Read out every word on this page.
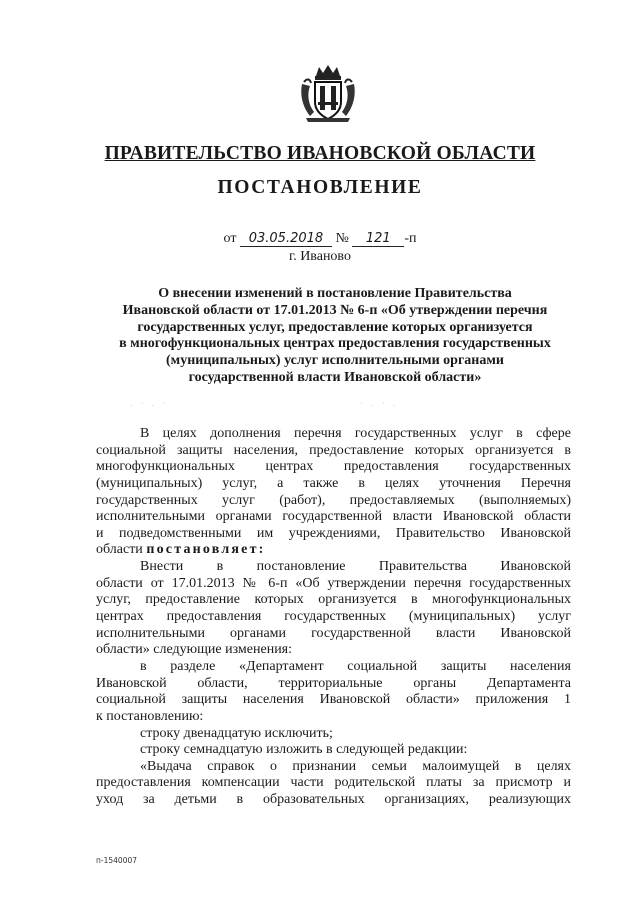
ПРАВИТЕЛЬСТВО ИВАНОВСКОЙ ОБЛАСТИ
ПОСТАНОВЛЕНИЕ
от 03.05.2018 № 121 -п
г. Иваново
О внесении изменений в постановление Правительства
Ивановской области от 17.01.2013 № 6-п «Об утверждении перечня
государственных услуг, предоставление которых организуется
в многофункциональных центрах предоставления государственных
(муниципальных) услуг исполнительными органами
государственной власти Ивановской области»
. · . ·	· . · .

В целях дополнения перечня государственных услуг в сфере
социальной защиты населения, предоставление которых организуется в
многофункциональных центрах предоставления государственных
(муниципальных) услуг, а также в целях уточнения Перечня
государственных услуг (работ), предоставляемых (выполняемых)
исполнительными органами государственной власти Ивановской области
и подведомственными им учреждениями, Правительство Ивановской
области постановляет:

Внести в постановление Правительства Ивановской
области от 17.01.2013 № 6-п «Об утверждении перечня государственных
услуг, предоставление которых организуется в многофункциональных
центрах предоставления государственных (муниципальных) услуг
исполнительными органами государственной власти Ивановской
области» следующие изменения:

в разделе «Департамент социальной защиты населения
Ивановской области, территориальные органы Департамента
социальной защиты населения Ивановской области» приложения 1
к постановлению:

строку двенадцатую исключить;

строку семнадцатую изложить в следующей редакции:

«Выдача справок о признании семьи малоимущей в целях
предоставления компенсации части родительской платы за присмотр и
уход за детьми в образовательных организациях, реализующих

п-1540007
